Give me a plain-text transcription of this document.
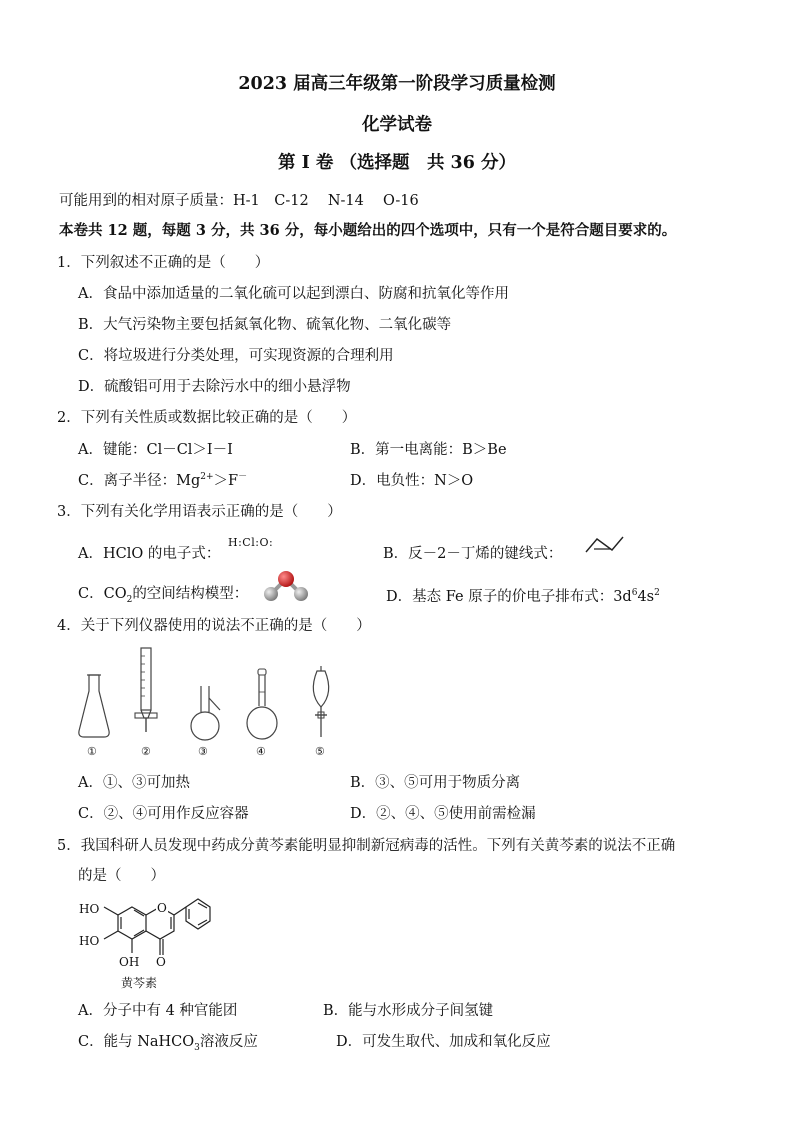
2023 届高三年级第一阶段学习质量检测
化学试卷
第 I 卷 （选择题　共 36 分）
可能用到的相对原子质量：H-1　C-12　 N-14　 O-16
本卷共 12 题，每题 3 分，共 36 分，每小题给出的四个选项中，只有一个是符合题目要求的。
1．下列叙述不正确的是（　　）
A．食品中添加适量的二氧化硫可以起到漂白、防腐和抗氧化等作用
B．大气污染物主要包括氮氧化物、硫氧化物、二氧化碳等
C．将垃圾进行分类处理，可实现资源的合理利用
D．硫酸铝可用于去除污水中的细小悬浮物
2．下列有关性质或数据比较正确的是（　　）
A．键能：Cl－Cl＞I－I	B．第一电离能：B＞Be
C．离子半径：$Mg^{2+}>F^-$	D．电负性：N＞O
3．下列有关化学用语表示正确的是（　　）
A．HClO 的电子式：
H:Cl:O:
B．反－2－丁烯的键线式：
C．$CO_2$的空间结构模型：	D．基态 Fe 原子的价电子排布式：$3d^64s^2$
4．关于下列仪器使用的说法不正确的是（　　）
①	②	③	④	⑤
A．①、③可加热	B．③、⑤可用于物质分离
C．②、④可用作反应容器	D．②、④、⑤使用前需检漏
5．我国科研人员发现中药成分黄芩素能明显抑制新冠病毒的活性。下列有关黄芩素的说法不正确
的是（　　）
HO
HO
OH
O
O
黄芩素
A．分子中有 4 种官能团	B．能与水形成分子间氢键
C．能与 NaHCO$_3$溶液反应	D．可发生取代、加成和氧化反应
